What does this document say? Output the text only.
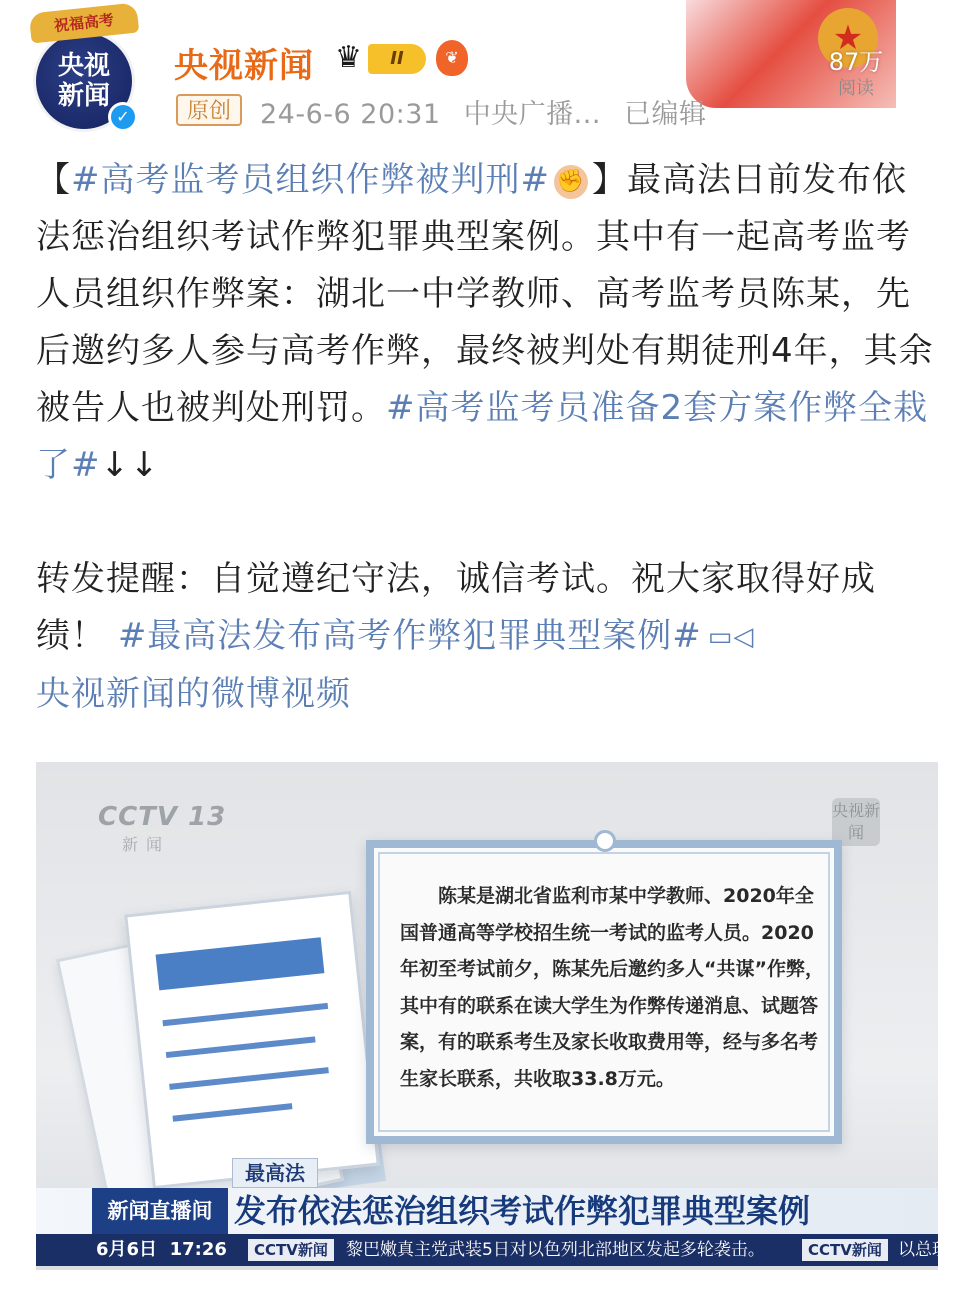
★
87万
阅读
央视
新闻
祝福高考
✓
央视新闻 ♛	II	❦
原创	24-6-6 20:31 中央广播... 已编辑

【#高考监考员组织作弊被判刑# ✊ 】最高法日前发布依法惩治组织考试作弊犯罪典型案例。其中有一起高考监考人员组织作弊案：湖北一中学教师、高考监考员陈某，先后邀约多人参与高考作弊，最终被判处有期徒刑4年，其余被告人也被判处刑罚。#高考监考员准备2套方案作弊全栽了#↓↓

转发提醒：自觉遵纪守法，诚信考试。祝大家取得好成绩！ #最高法发布高考作弊犯罪典型案例# ▭◁
央视新闻的微博视频

CCTV 13
新闻
央视新闻
陈某是湖北省监利市某中学教师、2020年全国普通高等学校招生统一考试的监考人员。2020年初至考试前夕，陈某先后邀约多人“共谋”作弊，其中有的联系在读大学生为作弊传递消息、试题答案，有的联系考生及家长收取费用等，经与多名考生家长联系，共收取33.8万元。
最高法
新闻直播间 发布依法惩治组织考试作弊犯罪典型案例
6月6日 17:26	CCTV新闻	黎巴嫩真主党武装5日对以色列北部地区发起多轮袭击。	CCTV新闻 以总理
